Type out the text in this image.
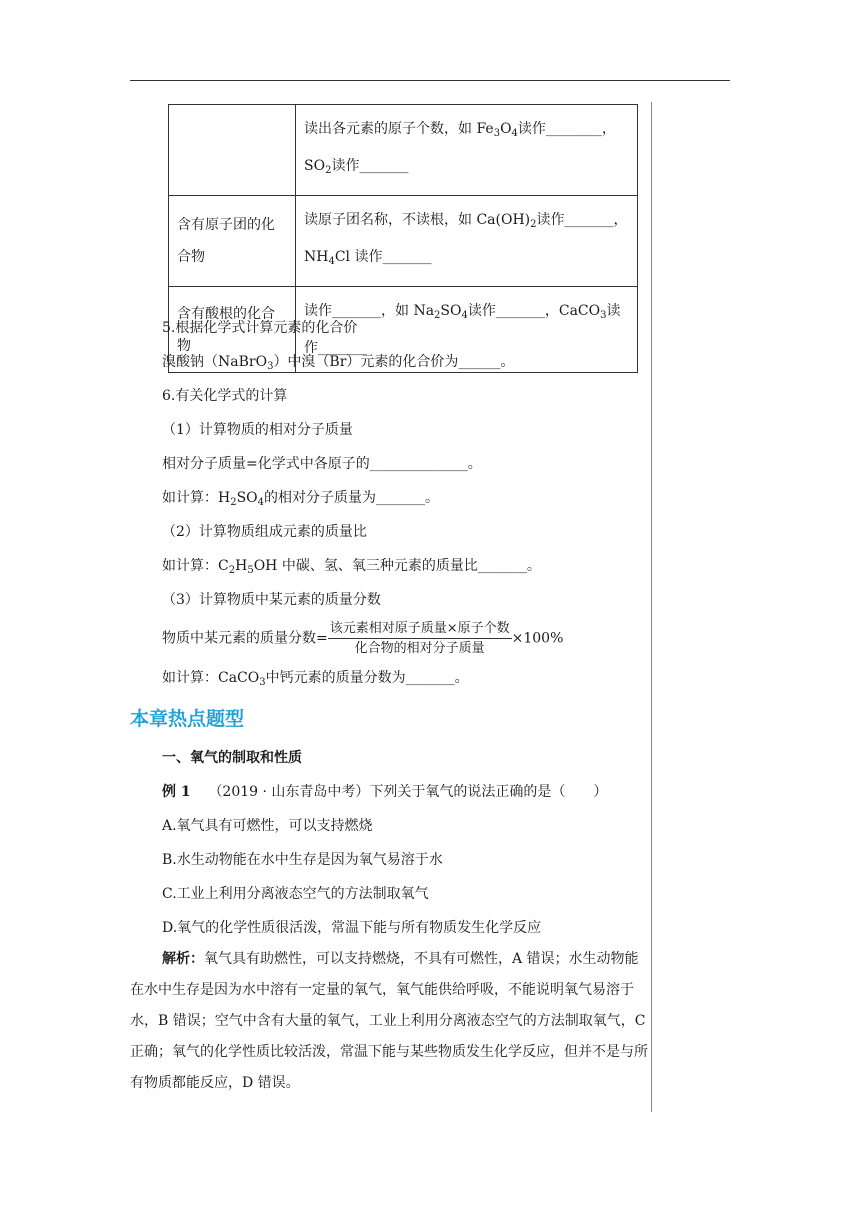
	读出各元素的原子个数，如 $Fe_3O_4$读作________，
$SO_2$读作_______

含有原子团的化合物	读原子团名称，不读根，如 $Ca(OH)_2$读作_______，
$NH_4Cl$ 读作_______

含有酸根的化合物	读作_______，如 $Na_2SO_4$读作_______，CaCO$_3$读
作_______
5.根据化学式计算元素的化合价
溴酸钠（NaBrO$_3$）中溴（Br）元素的化合价为______。
6.有关化学式的计算
（1）计算物质的相对分子质量
相对分子质量=化学式中各原子的______________。
如计算：$H_2SO_4$的相对分子质量为_______。
（2）计算物质组成元素的质量比
如计算：$C_2H_5OH$ 中碳、氢、氧三种元素的质量比_______。
（3）计算物质中某元素的质量分数
物质中某元素的质量分数= $\frac{\text{该元素相对原子质量×原子个数}}{\text{化合物的相对分子质量}} \times 100\%$
如计算：CaCO$_3$中钙元素的质量分数为_______。
本章热点题型
一、氧气的制取和性质
例 1 （2019 · 山东青岛中考）下列关于氧气的说法正确的是（　　）
A.氧气具有可燃性，可以支持燃烧
B.水生动物能在水中生存是因为氧气易溶于水
C.工业上利用分离液态空气的方法制取氧气
D.氧气的化学性质很活泼，常温下能与所有物质发生化学反应
解析：氧气具有助燃性，可以支持燃烧，不具有可燃性，A 错误；水生动物能在水中生存是因为水中溶有一定量的氧气，氧气能供给呼吸，不能说明氧气易溶于水，B 错误；空气中含有大量的氧气，工业上利用分离液态空气的方法制取氧气，C 正确；氧气的化学性质比较活泼，常温下能与某些物质发生化学反应，但并不是与所有物质都能反应，D 错误。
